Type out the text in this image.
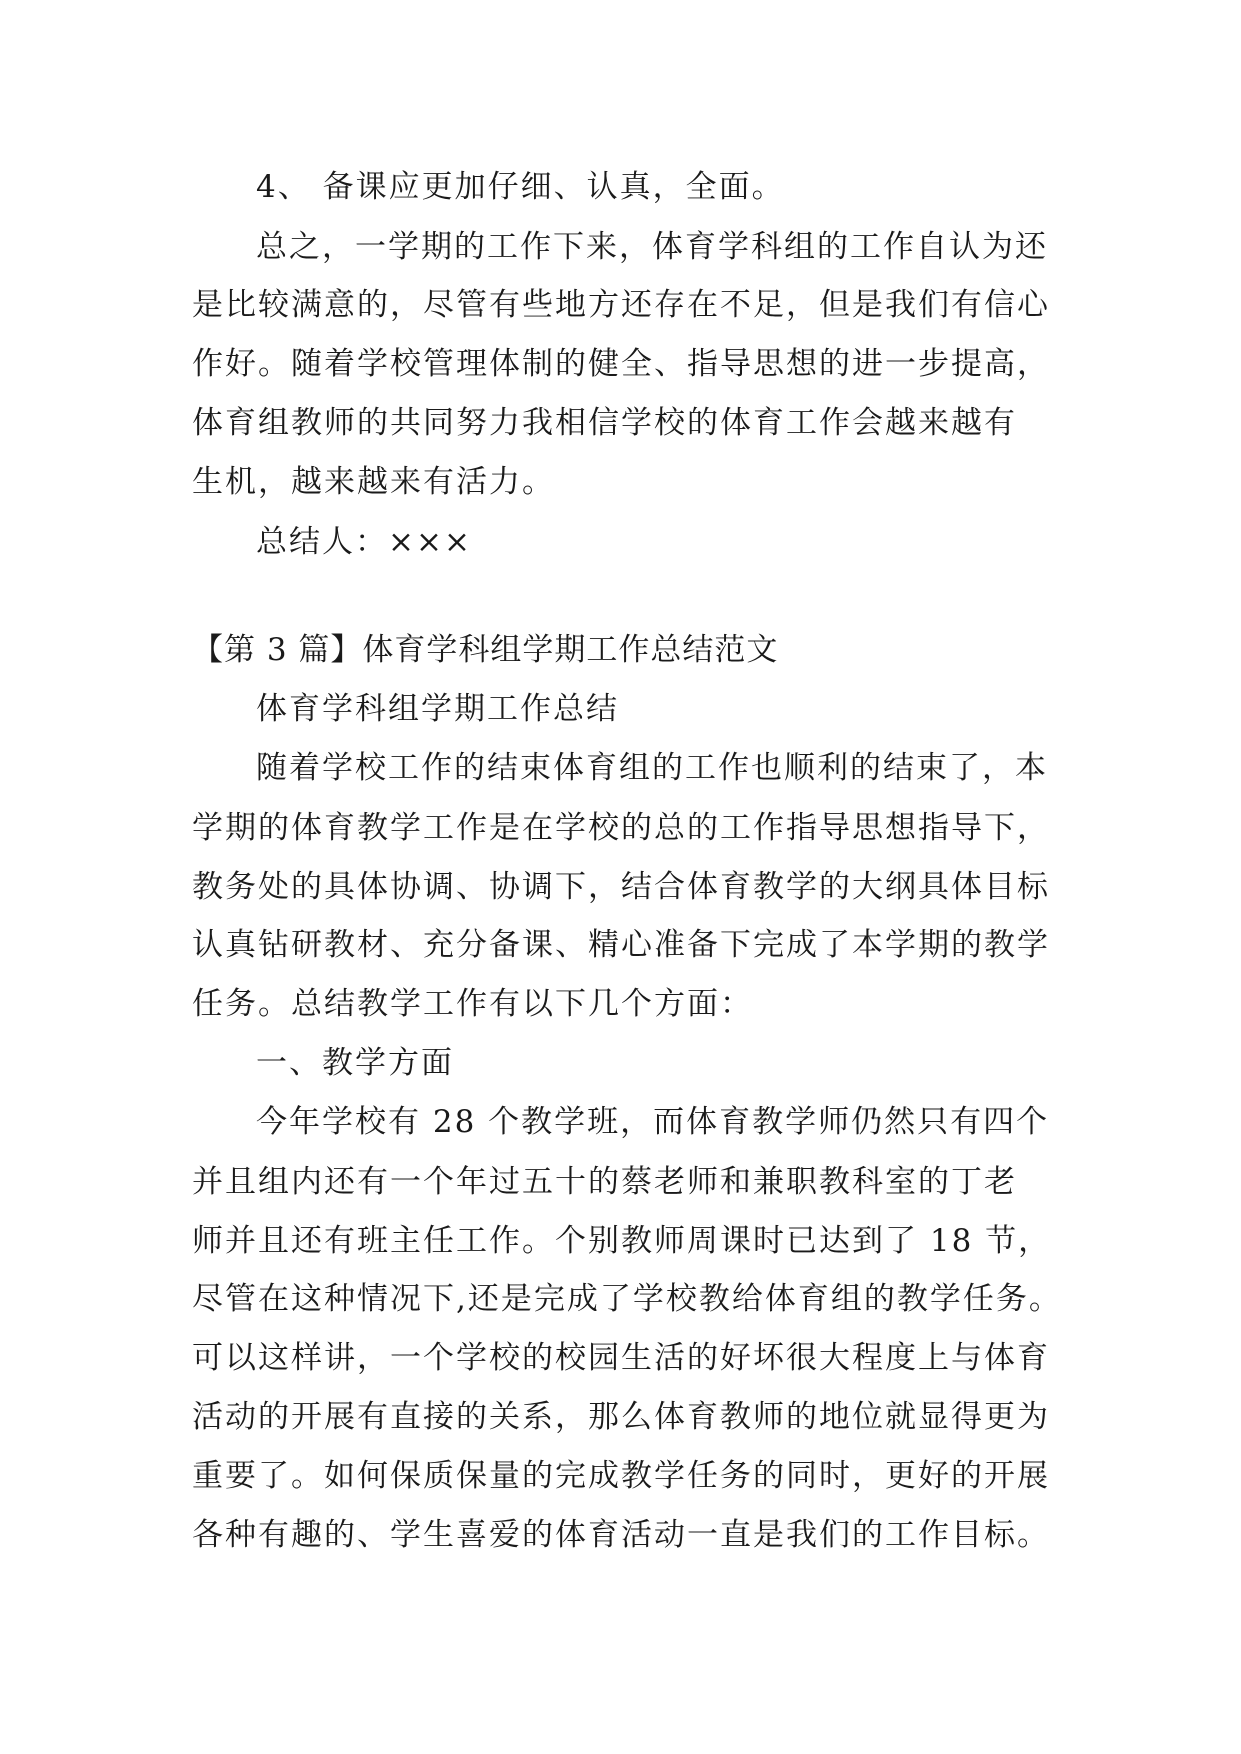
4、 备课应更加仔细、认真，全面。
总之，一学期的工作下来，体育学科组的工作自认为还
是比较满意的，尽管有些地方还存在不足，但是我们有信心
作好。随着学校管理体制的健全、指导思想的进一步提高，
体育组教师的共同努力我相信学校的体育工作会越来越有
生机，越来越来有活力。
总结人：×××
【第 3 篇】体育学科组学期工作总结范文
体育学科组学期工作总结
随着学校工作的结束体育组的工作也顺利的结束了，本
学期的体育教学工作是在学校的总的工作指导思想指导下，
教务处的具体协调、协调下，结合体育教学的大纲具体目标
认真钻研教材、充分备课、精心准备下完成了本学期的教学
任务。总结教学工作有以下几个方面：
一、教学方面
今年学校有 28 个教学班，而体育教学师仍然只有四个
并且组内还有一个年过五十的蔡老师和兼职教科室的丁老
师并且还有班主任工作。个别教师周课时已达到了 18 节，
尽管在这种情况下,还是完成了学校教给体育组的教学任务。
可以这样讲，一个学校的校园生活的好坏很大程度上与体育
活动的开展有直接的关系，那么体育教师的地位就显得更为
重要了。如何保质保量的完成教学任务的同时，更好的开展
各种有趣的、学生喜爱的体育活动一直是我们的工作目标。
